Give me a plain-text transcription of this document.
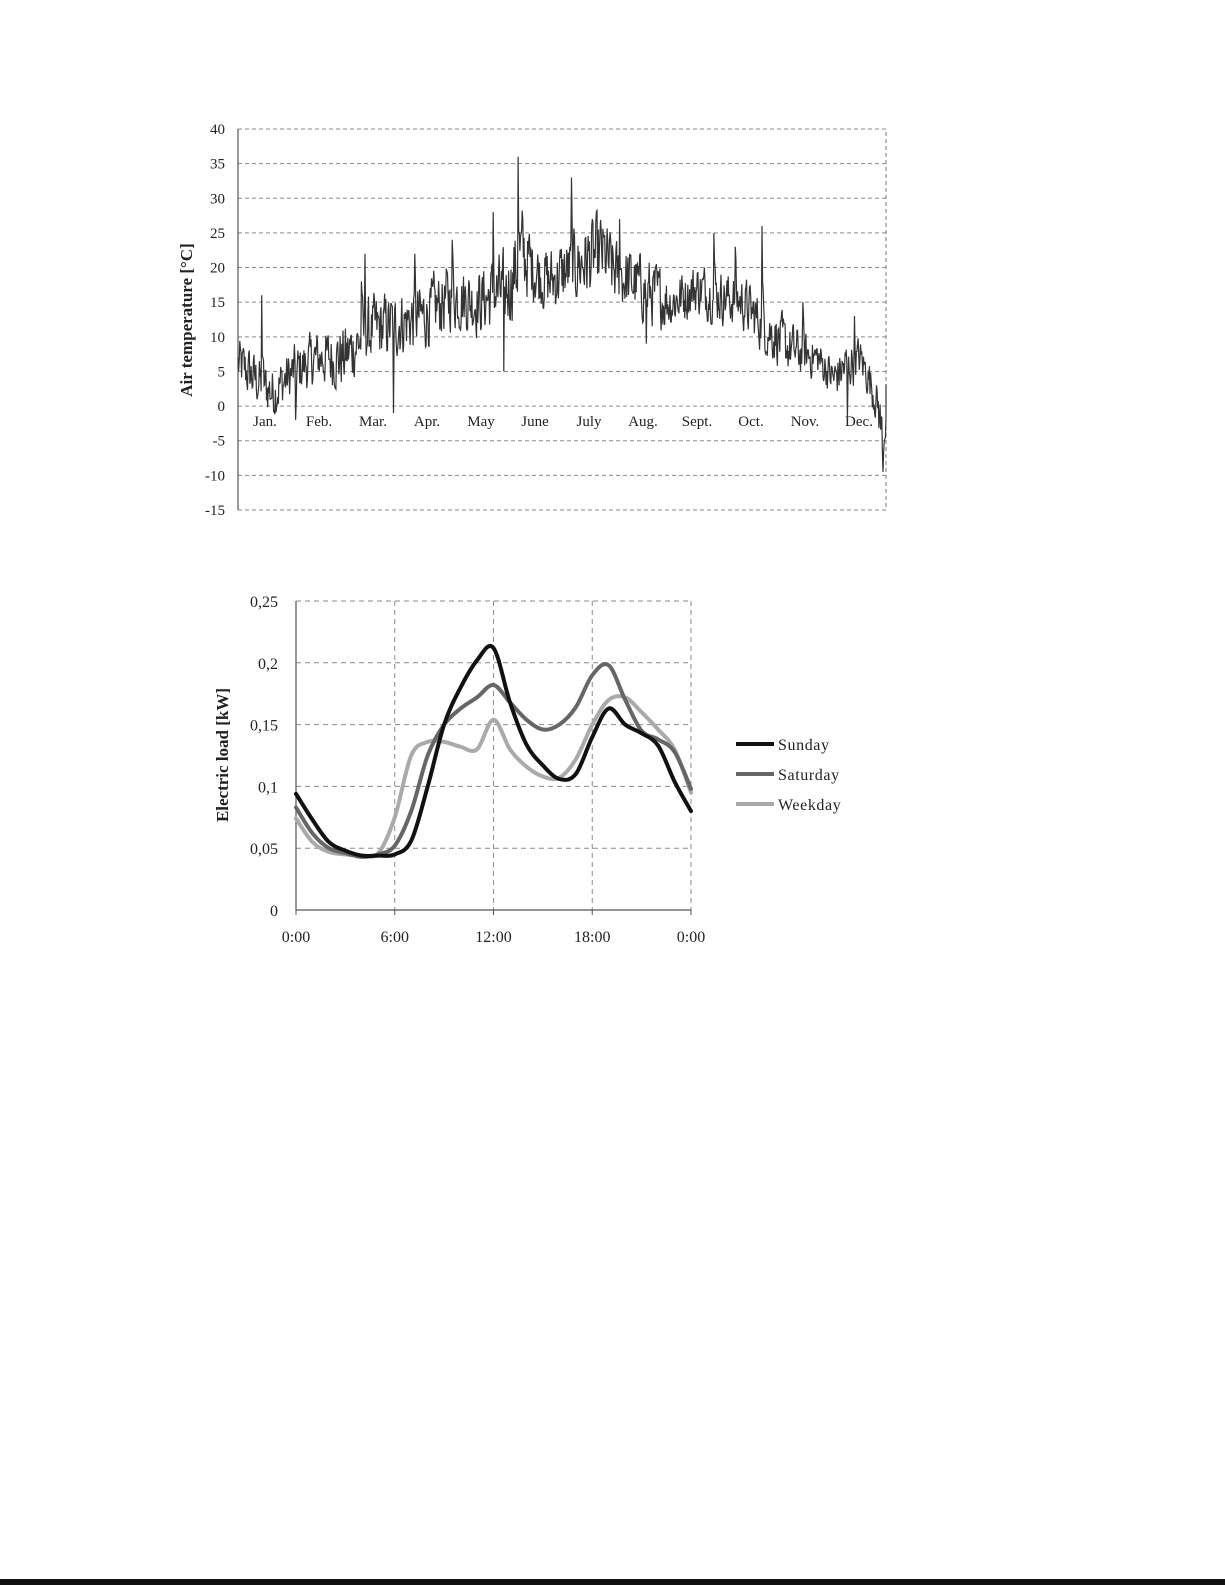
40
35
30
25
20
15
10
5
0
-5
-10
-15
Jan. Feb. Mar. Apr. May June July Aug. Sept. Oct. Nov. Dec.
Air temperature [°C]
0
0,05
0,1
0,15
0,2
0,25
0:00	6:00	12:00	18:00	0:00
Sunday
Saturday
Weekday
Electric load [kW]
